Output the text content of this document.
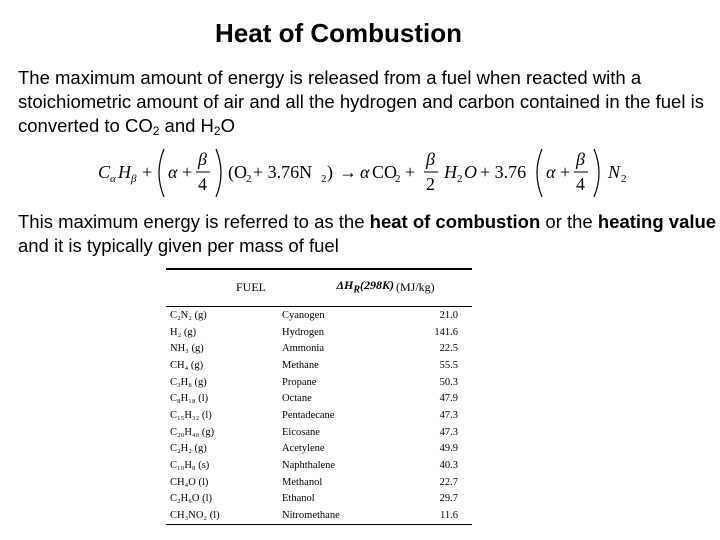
Heat of Combustion

The maximum amount of energy is released from a fuel when reacted with a stoichiometric amount of air and all the hydrogen and carbon contained in the fuel is converted to $CO_2$ and $H_2O$

C α H β + α +
β
4
(O 2 + 3.76N 2 ) → α CO
2 +
β
2
H 2 O + 3.76 α +
β
4
N 2

This maximum energy is referred to as the heat of combustion or the heating value and it is typically given per mass of fuel

FUEL	$\Delta H_R(298K)$	(MJ/kg)
C₂N₂ (g)	Cyanogen	21.0
H₂ (g)	Hydrogen	141.6
NH₃ (g)	Ammonia	22.5
CH₄ (g)	Methane	55.5
C₃H₈ (g)	Propane	50.3
C₈H₁₈ (l)	Octane	47.9
C₁₅H₃₂ (l)	Pentadecane	47.3
C₂₀H₄₀ (g)	Eicosane	47.3
C₂H₂ (g)	Acetylene	49.9
C₁₀H₈ (s)	Naphthalene	40.3
CH₄O (l)	Methanol	22.7
C₂H₆O (l)	Ethanol	29.7
CH₃NO₂ (l)	Nitromethane	11.6
